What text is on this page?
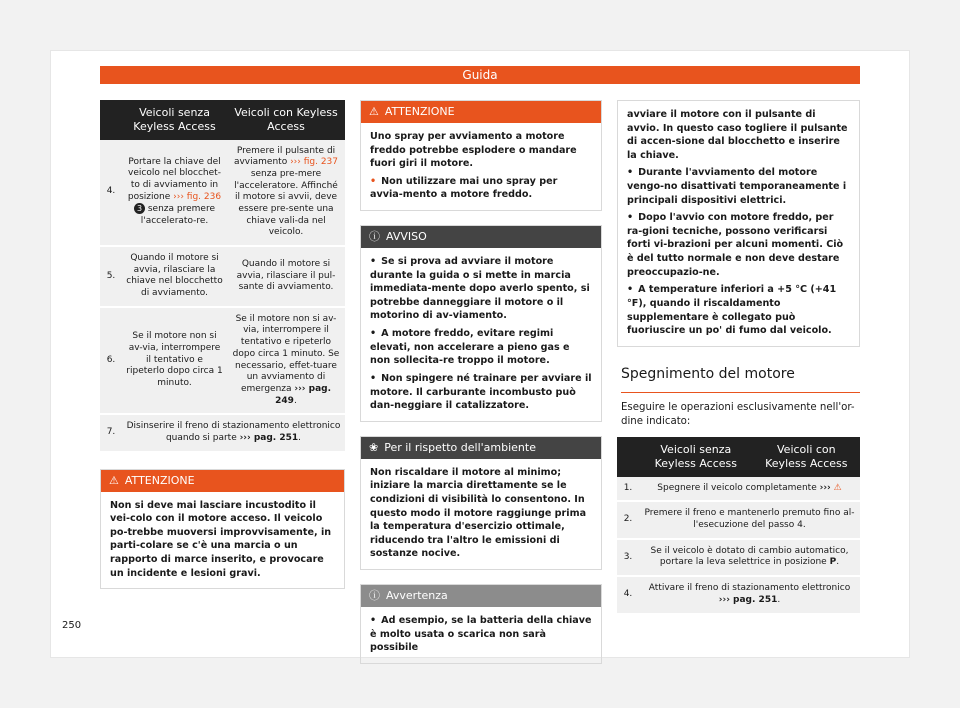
Guida
	Veicoli senza Keyless Access	Veicoli con Keyless Access
4.	Portare la chiave del veicolo nel blocchet-to di avviamento in posizione ››› fig. 236 3 senza premere l'accelerato-re.	Premere il pulsante di avviamento ››› fig. 237 senza pre-mere l'acceleratore. Affinché il motore si avvii, deve essere pre-sente una chiave vali-da nel veicolo.
5.	Quando il motore si avvia, rilasciare la chiave nel blocchetto di avviamento.	Quando il motore si avvia, rilasciare il pul-sante di avviamento.
6.	Se il motore non si av-via, interrompere il tentativo e ripeterlo dopo circa 1 minuto.	Se il motore non si av-via, interrompere il tentativo e ripeterlo dopo circa 1 minuto. Se necessario, effet-tuare un avviamento di emergenza ››› pag. 249.
7.	Disinserire il freno di stazionamento elettronico quando si parte ››› pag. 251.	
⚠ ATTENZIONE
Non si deve mai lasciare incustodito il vei-colo con il motore acceso. Il veicolo po-trebbe muoversi improvvisamente, in parti-colare se c'è una marcia o un rapporto di marce inserito, e provocare un incidente e lesioni gravi.
⚠ ATTENZIONE

Uno spray per avviamento a motore freddo potrebbe esplodere o mandare fuori giri il motore.

• Non utilizzare mai uno spray per avvia-mento a motore freddo.

ⓘ AVVISO

• Se si prova ad avviare il motore durante la guida o si mette in marcia immediata-mente dopo averlo spento, si potrebbe danneggiare il motore o il motorino di av-viamento.

• A motore freddo, evitare regimi elevati, non accelerare a pieno gas e non sollecita-re troppo il motore.

• Non spingere né trainare per avviare il motore. Il carburante incombusto può dan-neggiare il catalizzatore.

❀ Per il rispetto dell'ambiente
Non riscaldare il motore al minimo; iniziare la marcia direttamente se le condizioni di visibilità lo consentono. In questo modo il motore raggiunge prima la temperatura d'esercizio ottimale, riducendo tra l'altro le emissioni di sostanze nocive.
ⓘ Avvertenza

• Ad esempio, se la batteria della chiave è molto usata o scarica non sarà possibile

avviare il motore con il pulsante di avvio. In questo caso togliere il pulsante di accen-sione dal blocchetto e inserire la chiave.

• Durante l'avviamento del motore vengo-no disattivati temporaneamente i principali dispositivi elettrici.

• Dopo l'avvio con motore freddo, per ra-gioni tecniche, possono verificarsi forti vi-brazioni per alcuni momenti. Ciò è del tutto normale e non deve destare preoccupazio-ne.

• A temperature inferiori a +5 °C (+41 °F), quando il riscaldamento supplementare è collegato può fuoriuscire un po' di fumo dal veicolo.

Spegnimento del motore
Eseguire le operazioni esclusivamente nell'or-dine indicato:
	Veicoli senza Keyless Access	Veicoli con Keyless Access
1.	Spegnere il veicolo completamente ››› ⚠	
2.	Premere il freno e mantenerlo premuto fino al-l'esecuzione del passo 4.	
3.	Se il veicolo è dotato di cambio automatico, portare la leva selettrice in posizione P.	
4.	Attivare il freno di stazionamento elettronico ››› pag. 251.	
250
